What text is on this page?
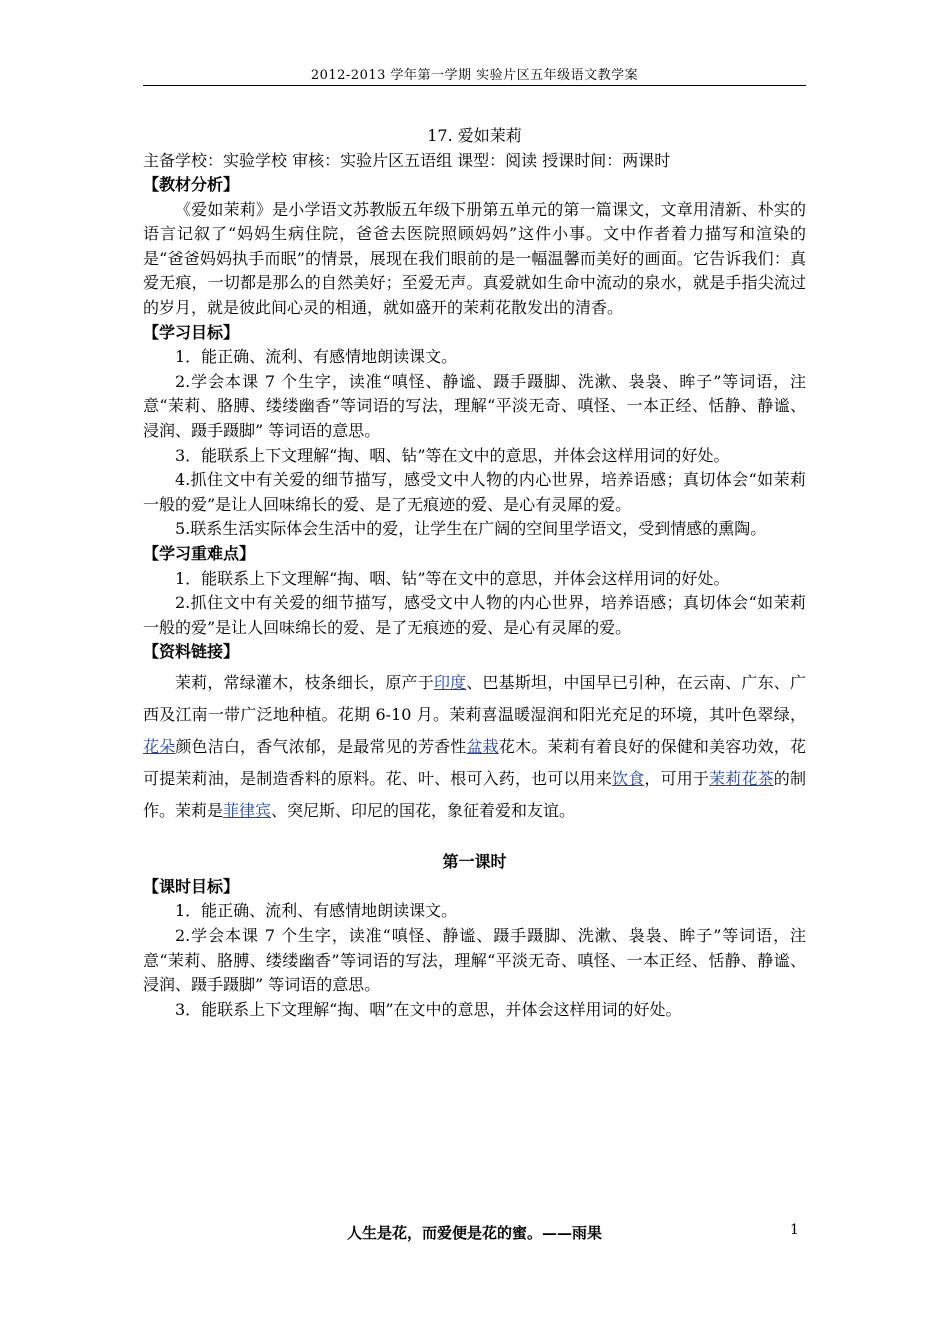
2012-2013 学年第一学期 实验片区五年级语文教学案
17. 爱如茉莉
主备学校：实验学校 审核：实验片区五语组 课型：阅读 授课时间：两课时
【教材分析】
《爱如茉莉》是小学语文苏教版五年级下册第五单元的第一篇课文，文章用清新、朴实的语言记叙了“妈妈生病住院，爸爸去医院照顾妈妈”这件小事。文中作者着力描写和渲染的是“爸爸妈妈执手而眠”的情景，展现在我们眼前的是一幅温馨而美好的画面。它告诉我们：真爱无痕，一切都是那么的自然美好；至爱无声。真爱就如生命中流动的泉水，就是手指尖流过的岁月，就是彼此间心灵的相通，就如盛开的茉莉花散发出的清香。
【学习目标】
1．能正确、流利、有感情地朗读课文。
2.学会本课 7 个生字，读准“嗔怪、静谧、蹑手蹑脚、洗漱、袅袅、眸子”等词语，注意“茉莉、胳膊、缕缕幽香”等词语的写法，理解“平淡无奇、嗔怪、一本正经、恬静、静谧、浸润、蹑手蹑脚” 等词语的意思。
3．能联系上下文理解“掏、咽、钻”等在文中的意思，并体会这样用词的好处。
4.抓住文中有关爱的细节描写，感受文中人物的内心世界，培养语感；真切体会“如茉莉一般的爱”是让人回味绵长的爱、是了无痕迹的爱、是心有灵犀的爱。
5.联系生活实际体会生活中的爱，让学生在广阔的空间里学语文，受到情感的熏陶。
【学习重难点】
1．能联系上下文理解“掏、咽、钻”等在文中的意思，并体会这样用词的好处。
2.抓住文中有关爱的细节描写，感受文中人物的内心世界，培养语感；真切体会“如茉莉一般的爱”是让人回味绵长的爱、是了无痕迹的爱、是心有灵犀的爱。
【资料链接】
茉莉，常绿灌木，枝条细长，原产于印度、巴基斯坦，中国早已引种，在云南、广东、广西及江南一带广泛地种植。花期 6-10 月。茉莉喜温暖湿润和阳光充足的环境，其叶色翠绿，花朵颜色洁白，香气浓郁，是最常见的芳香性盆栽花木。茉莉有着良好的保健和美容功效，花可提茉莉油，是制造香料的原料。花、叶、根可入药，也可以用来饮食，可用于茉莉花茶的制作。茉莉是菲律宾、突尼斯、印尼的国花，象征着爱和友谊。
第一课时
【课时目标】
1．能正确、流利、有感情地朗读课文。
2.学会本课 7 个生字，读准“嗔怪、静谧、蹑手蹑脚、洗漱、袅袅、眸子”等词语，注意“茉莉、胳膊、缕缕幽香”等词语的写法，理解“平淡无奇、嗔怪、一本正经、恬静、静谧、浸润、蹑手蹑脚” 等词语的意思。
3．能联系上下文理解“掏、咽”在文中的意思，并体会这样用词的好处。
人生是花，而爱便是花的蜜。——雨果	1
